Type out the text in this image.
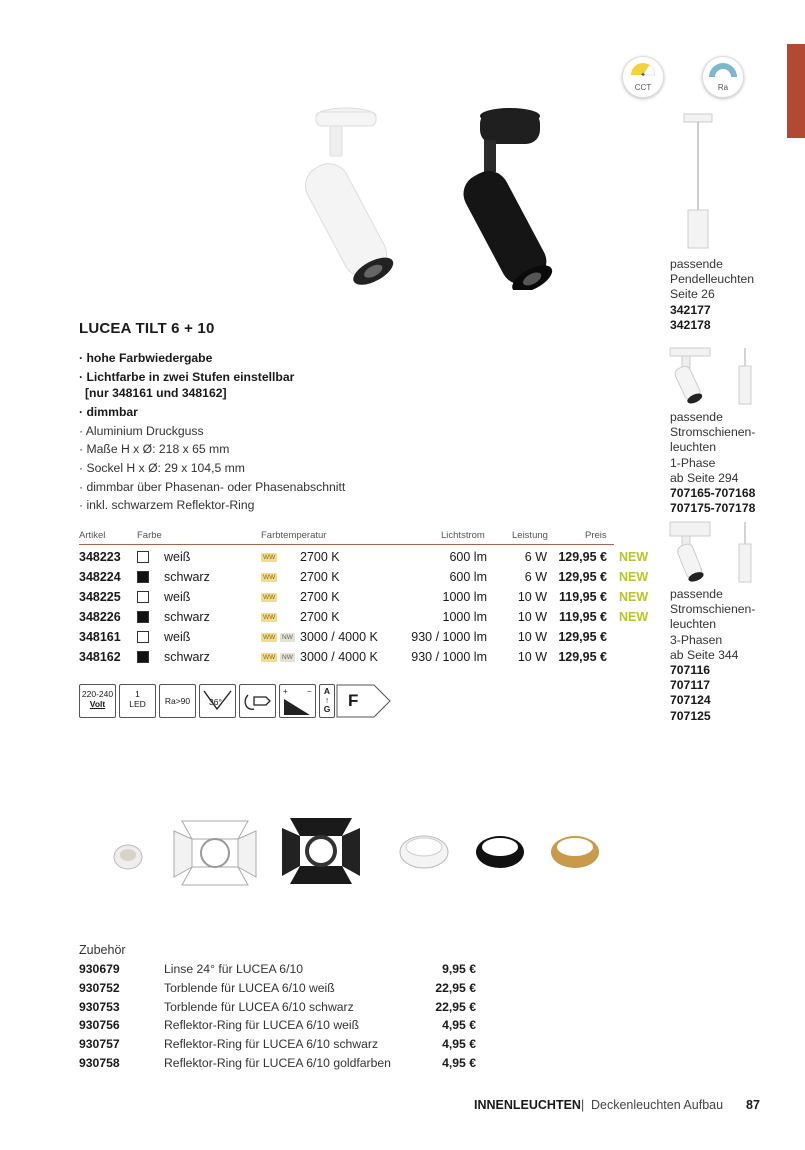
✦
CCT	Ra
LUCEA TILT 6 + 10
· hohe Farbwiedergabe
· Lichtfarbe in zwei Stufen einstellbar
[nur 348161 und 348162]
· dimmbar
· Aluminium Druckguss
· Maße H x Ø: 218 x 65 mm
· Sockel H x Ø: 29 x 104,5 mm
· dimmbar über Phasenan- oder Phasenabschnitt
· inkl. schwarzem Reflektor-Ring
Artikel	Farbe	Farbtemperatur	Lichtstrom	Leistung	Preis
348223	weiß	WW 2700 K	600 lm	6 W 129,95 € NEW
348224	schwarz	WW 2700 K	600 lm	6 W 129,95 € NEW
348225	weiß	WW 2700 K	1000 lm 10 W 119,95 € NEW
348226	schwarz	WW 2700 K	1000 lm 10 W 119,95 € NEW
348161	weiß	WW	NW 3000 / 4000 K	930 / 1000 lm 10 W 129,95 €
348162	schwarz	WW	NW 3000 / 4000 K	930 / 1000 lm 10 W 129,95 €
220-240
Volt
1
LED	Ra>90	36°
+ −	A
↑
G F
passende
Pendelleuchten
Seite 26
342177
342178
passende
Stromschienen-
leuchten
1-Phase
ab Seite 294
707165-707168
707175-707178
passende
Stromschienen-
leuchten
3-Phasen
ab Seite 344
707116
707117
707124
707125
Zubehör
930679	Linse 24° für LUCEA 6/10	9,95 €
930752	Torblende für LUCEA 6/10 weiß	22,95 €
930753	Torblende für LUCEA 6/10 schwarz	22,95 €
930756	Reflektor-Ring für LUCEA 6/10 weiß	4,95 €
930757	Reflektor-Ring für LUCEA 6/10 schwarz	4,95 €
930758	Reflektor-Ring für LUCEA 6/10 goldfarben	4,95 €
INNENLEUCHTEN | Deckenleuchten Aufbau 87
